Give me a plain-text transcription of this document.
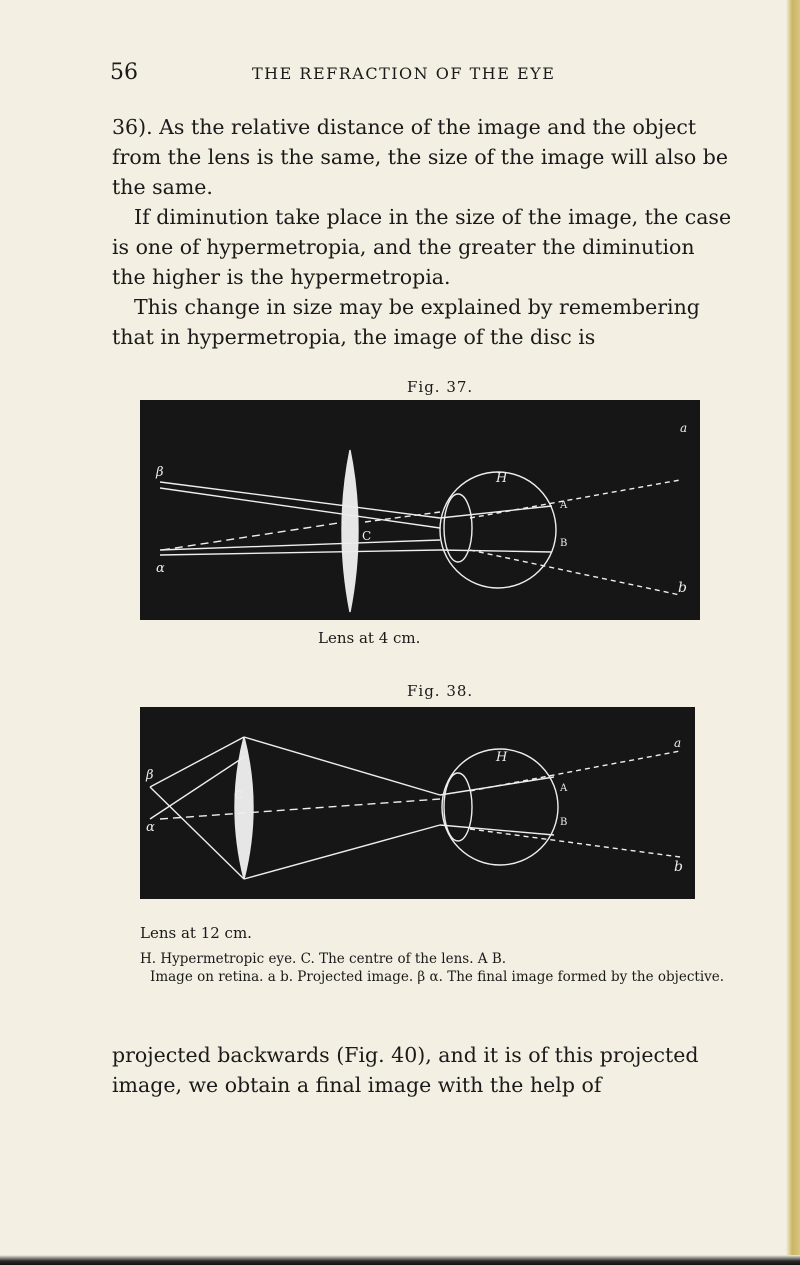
56	THE REFRACTION OF THE EYE

36). As the relative distance of the image and the object from the lens is the same, the size of the image will also be the same.

If diminution take place in the size of the image, the case is one of hypermetropia, and the greater the diminution the higher is the hypermetropia.

This change in size may be explained by remembering that in hypermetropia, the image of the disc is

Fig. 37.
β
α
C
H
A
B
a
b
Lens at 4 cm.
Fig. 38.
β
α
C
H
A
B
a
b
Lens at 12 cm.

H. Hypermetropic eye. C. The centre of the lens. A B.
Image on retina. a b. Projected image. β α. The final image formed by the objective.

projected backwards (Fig. 40), and it is of this projected image, we obtain a final image with the help of
